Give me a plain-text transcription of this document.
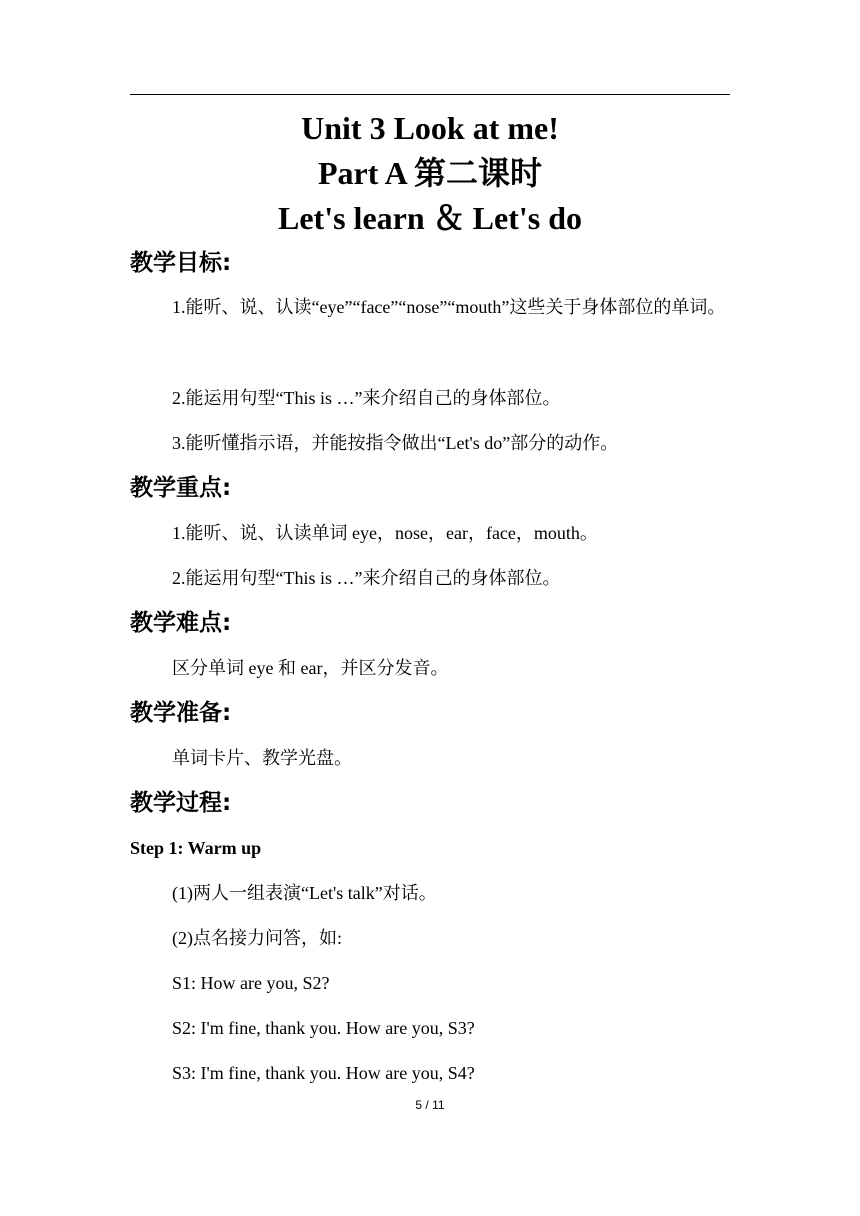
Unit 3 Look at me!
Part A 第二课时
Let's learn ＆ Let's do
教学目标:
1.能听、说、认读“eye”“face”“nose”“mouth”这些关于身体部位的单词。
2.能运用句型“This is …”来介绍自己的身体部位。
3.能听懂指示语，并能按指令做出“Let's do”部分的动作。
教学重点:
1.能听、说、认读单词 eye，nose，ear，face，mouth。
2.能运用句型“This is …”来介绍自己的身体部位。
教学难点:
区分单词 eye 和 ear，并区分发音。
教学准备:
单词卡片、教学光盘。
教学过程:
Step 1: Warm up
(1)两人一组表演“Let's talk”对话。
(2)点名接力问答，如:
S1: How are you, S2?
S2: I'm fine, thank you. How are you, S3?
S3: I'm fine, thank you. How are you, S4?
5 / 11
